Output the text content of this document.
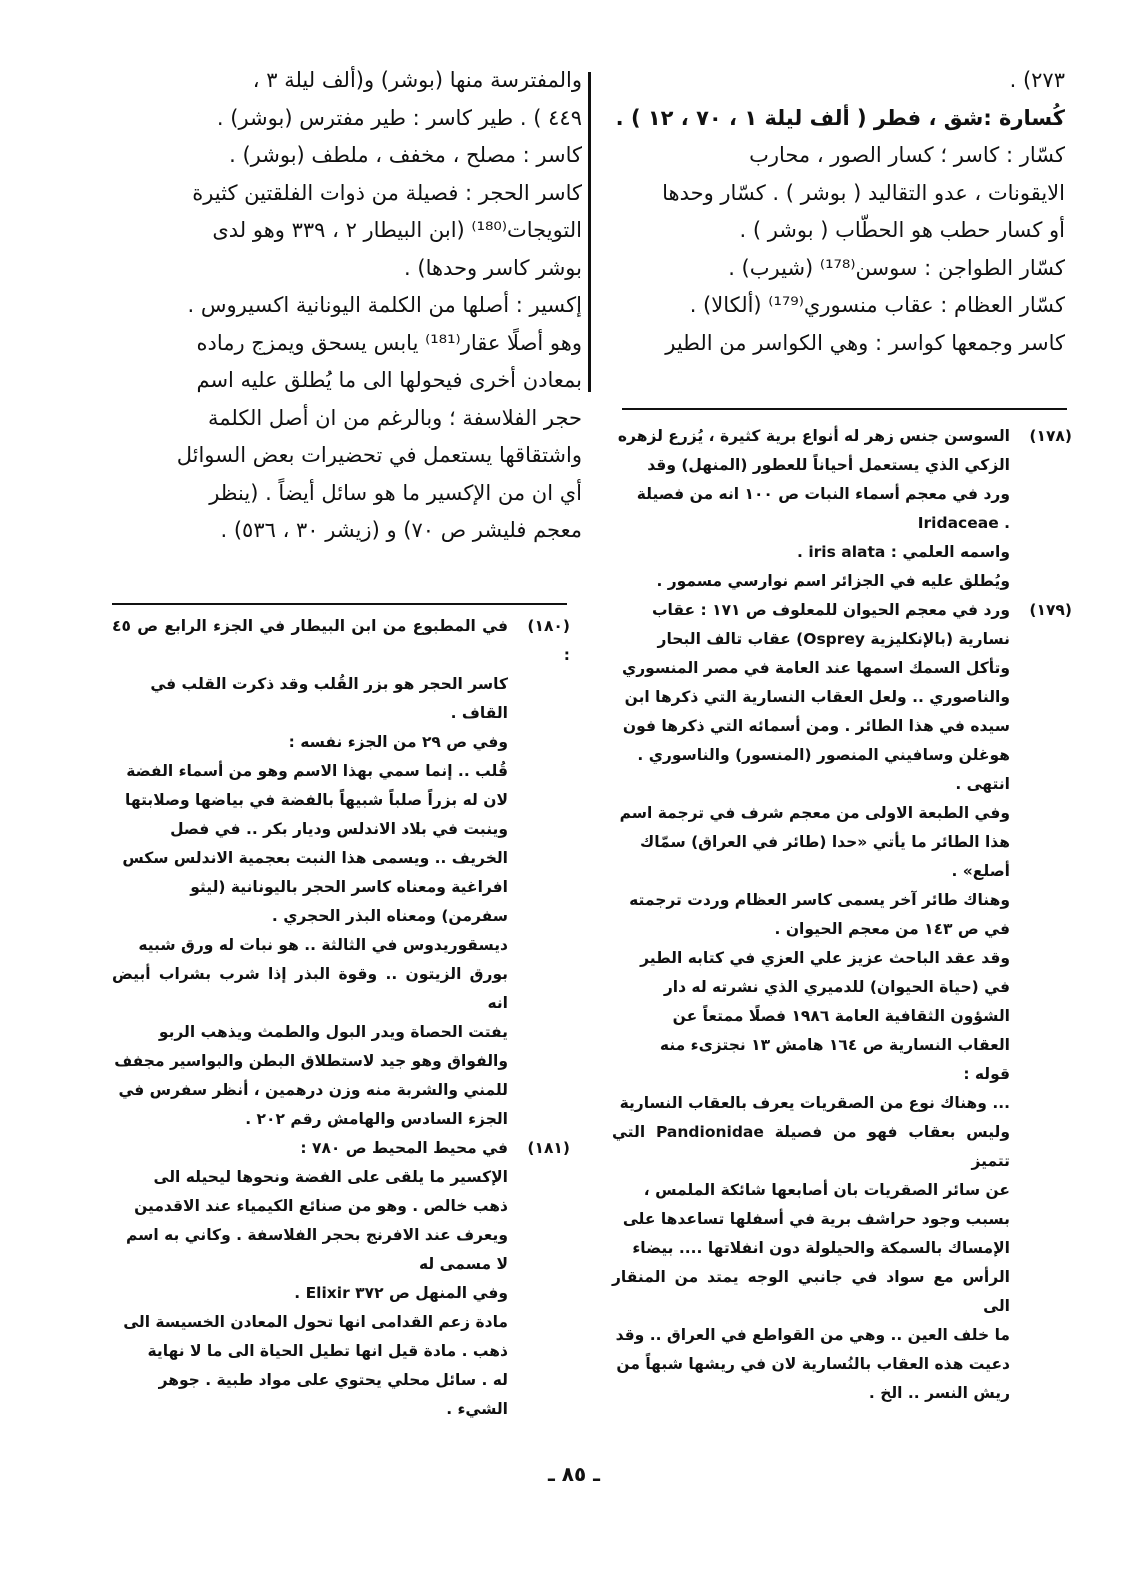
٢٧٣) .

كُسارة :شق ، فطر ( ألف ليلة ١ ، ٧٠ ، ١٢ ) .

كسّار : كاسر ؛ كسار الصور ، محارب

الايقونات ، عدو التقاليد ( بوشر ) . كسّار وحدها

أو كسار حطب هو الحطّاب ( بوشر ) .

كسّار الطواجن : سوسن⁽¹⁷⁸⁾ (شيرب) .

كسّار العظام : عقاب منسوري⁽¹⁷⁹⁾ (ألكالا) .

كاسر وجمعها كواسر : وهي الكواسر من الطير

والمفترسة منها (بوشر) و(ألف ليلة ٣ ،

٤٤٩ ) . طير كاسر : طير مفترس (بوشر) .

كاسر : مصلح ، مخفف ، ملطف (بوشر) .

كاسر الحجر : فصيلة من ذوات الفلقتين كثيرة

التويجات⁽¹⁸⁰⁾ (ابن البيطار ٢ ، ٣٣٩ وهو لدى

بوشر كاسر وحدها) .

إكسير : أصلها من الكلمة اليونانية اكسيروس .

وهو أصلًا عقار⁽¹⁸¹⁾ يابس يسحق ويمزج رماده

بمعادن أخرى فيحولها الى ما يُطلق عليه اسم

حجر الفلاسفة ؛ وبالرغم من ان أصل الكلمة

واشتقاقها يستعمل في تحضيرات بعض السوائل

أي ان من الإكسير ما هو سائل أيضاً . (ينظر

معجم فليشر ص ٧٠) و (زيشر ٣٠ ، ٥٣٦) .

(١٧٨)السوسن جنس زهر له أنواع برية كثيرة ، يُزرع لزهره

الزكي الذي يستعمل أحياناً للعطور (المنهل) وقد

ورد في معجم أسماء النبات ص ١٠٠ انه من فصيلة

. Iridaceae

واسمه العلمي : iris alata .

ويُطلق عليه في الجزائر اسم نوارسي مسمور .

(١٧٩)ورد في معجم الحيوان للمعلوف ص ١٧١ : عقاب

نسارية (بالإنكليزية Osprey) عقاب تالف البحار

وتأكل السمك اسمها عند العامة في مصر المنسوري

والناصوري .. ولعل العقاب النسارية التي ذكرها ابن

سيده في هذا الطائر . ومن أسمائه التي ذكرها فون

هوغلن وسافيني المنصور (المنسور) والناسوري .

انتهى .

وفي الطبعة الاولى من معجم شرف في ترجمة اسم

هذا الطائر ما يأتي «حدا (طائر في العراق) سمّاك

أصلع» .

وهناك طائر آخر يسمى كاسر العظام وردت ترجمته

في ص ١٤٣ من معجم الحيوان .

وقد عقد الباحث عزيز علي العزي في كتابه الطير

في (حياة الحيوان) للدميري الذي نشرته له دار

الشؤون الثقافية العامة ١٩٨٦ فصلًا ممتعاً عن

العقاب النسارية ص ١٦٤ هامش ١٣ نجتزىء منه

قوله :

... وهناك نوع من الصقريات يعرف بالعقاب النسارية

وليس بعقاب فهو من فصيلة Pandionidae التي تتميز

عن سائر الصقريات بان أصابعها شائكة الملمس ،

بسبب وجود حراشف برية في أسفلها تساعدها على

الإمساك بالسمكة والحيلولة دون انفلاتها .... بيضاء

الرأس مع سواد في جانبي الوجه يمتد من المنقار الى

ما خلف العين .. وهي من القواطع في العراق .. وقد

دعيت هذه العقاب بالنُسارية لان في ريشها شبهاً من

ريش النسر .. الخ .

(١٨٠)في المطبوع من ابن البيطار في الجزء الرابع ص ٤٥ :

كاسر الحجر هو بزر القُلب وقد ذكرت القلب في

القاف .

وفي ص ٢٩ من الجزء نفسه :

قُلب .. إنما سمي بهذا الاسم وهو من أسماء الفضة

لان له بزراً صلباً شبيهاً بالفضة في بياضها وصلابتها

وينبت في بلاد الاندلس وديار بكر .. في فصل

الخريف .. ويسمى هذا النبت بعجمية الاندلس سكس

افراغية ومعناه كاسر الحجر باليونانية (ليثو

سفرمن) ومعناه البذر الحجري .

ديسقوريدوس في الثالثة .. هو نبات له ورق شبيه

بورق الزيتون .. وقوة البذر إذا شرب بشراب أبيض انه

يفتت الحصاة ويدر البول والطمث ويذهب الربو

والفواق وهو جيد لاستطلاق البطن والبواسير مجفف

للمني والشربة منه وزن درهمين ، أنظر سفرس في

الجزء السادس والهامش رقم ٢٠٢ .

(١٨١)في محيط المحيط ص ٧٨٠ :

الإكسير ما يلقى على الفضة ونحوها ليحيله الى

ذهب خالص . وهو من صنائع الكيمياء عند الاقدمين

ويعرف عند الافرنج بحجر الفلاسفة . وكاني به اسم

لا مسمى له

وفي المنهل ص ٣٧٢ Elixir .

مادة زعم القدامى انها تحول المعادن الخسيسة الى

ذهب . مادة قيل انها تطيل الحياة الى ما لا نهاية

له . سائل محلي يحتوي على مواد طبية . جوهر

الشيء .

ـ ٨٥ ـ
